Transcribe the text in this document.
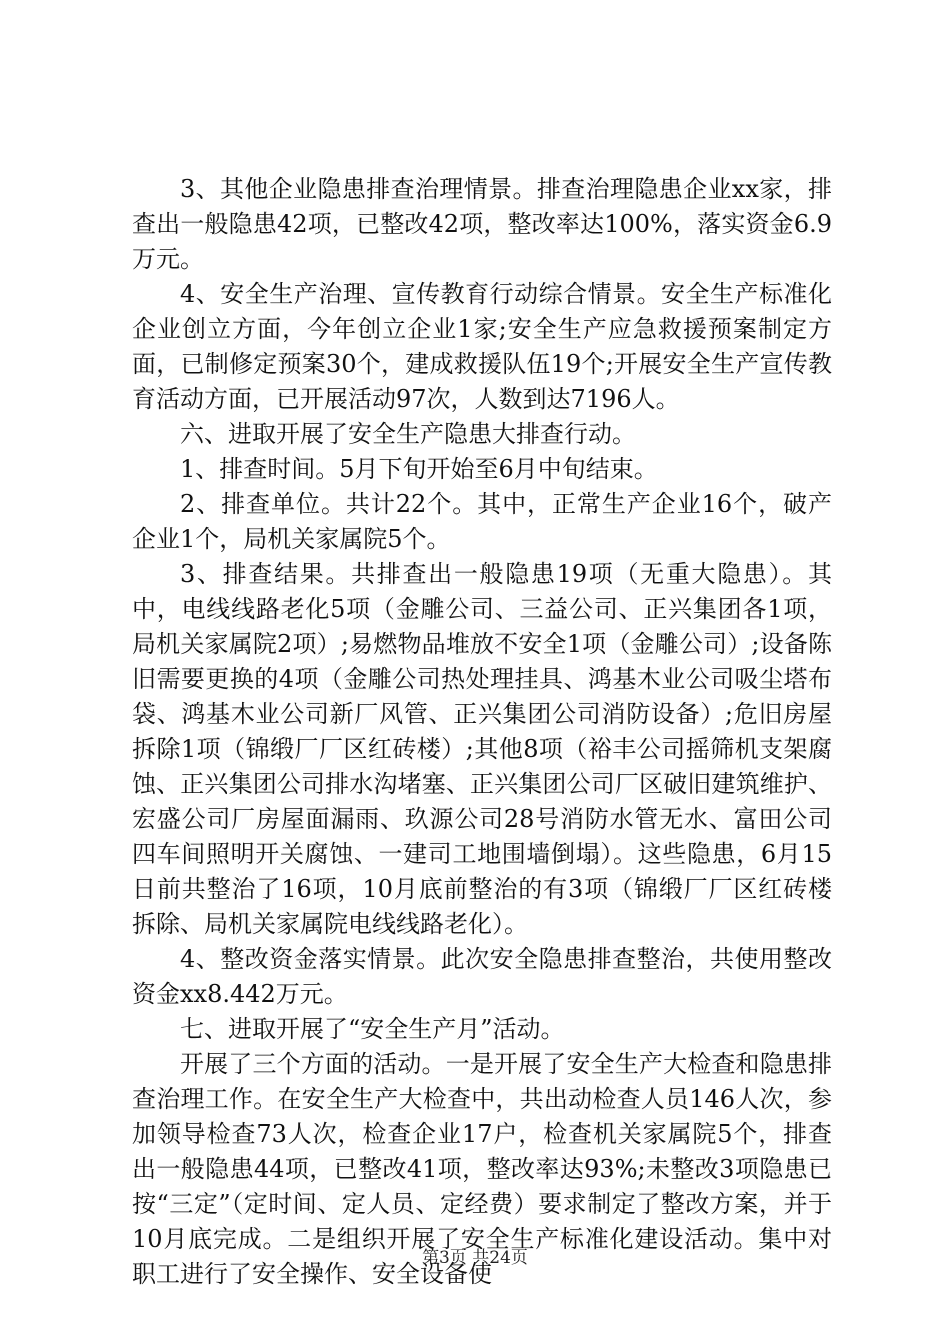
3、其他企业隐患排查治理情景。排查治理隐患企业xx家，排查出一般隐患42项，已整改42项，整改率达100%，落实资金6.9万元。

4、安全生产治理、宣传教育行动综合情景。安全生产标准化企业创立方面，今年创立企业1家;安全生产应急救援预案制定方面，已制修定预案30个，建成救援队伍19个;开展安全生产宣传教育活动方面，已开展活动97次，人数到达7196人。

六、进取开展了安全生产隐患大排查行动。

1、排查时间。5月下旬开始至6月中旬结束。

2、排查单位。共计22个。其中，正常生产企业16个，破产企业1个，局机关家属院5个。

3、排查结果。共排查出一般隐患19项（无重大隐患）。其中，电线线路老化5项（金雕公司、三益公司、正兴集团各1项，局机关家属院2项）;易燃物品堆放不安全1项（金雕公司）;设备陈旧需要更换的4项（金雕公司热处理挂具、鸿基木业公司吸尘塔布袋、鸿基木业公司新厂风管、正兴集团公司消防设备）;危旧房屋拆除1项（锦缎厂厂区红砖楼）;其他8项（裕丰公司摇筛机支架腐蚀、正兴集团公司排水沟堵塞、正兴集团公司厂区破旧建筑维护、宏盛公司厂房屋面漏雨、玖源公司28号消防水管无水、富田公司四车间照明开关腐蚀、一建司工地围墙倒塌）。这些隐患，6月15日前共整治了16项，10月底前整治的有3项（锦缎厂厂区红砖楼拆除、局机关家属院电线线路老化）。

4、整改资金落实情景。此次安全隐患排查整治，共使用整改资金xx8.442万元。

七、进取开展了“安全生产月”活动。

开展了三个方面的活动。一是开展了安全生产大检查和隐患排查治理工作。在安全生产大检查中，共出动检查人员146人次，参加领导检查73人次，检查企业17户，检查机关家属院5个，排查出一般隐患44项，已整改41项，整改率达93%;未整改3项隐患已按“三定”（定时间、定人员、定经费）要求制定了整改方案，并于10月底完成。二是组织开展了安全生产标准化建设活动。集中对职工进行了安全操作、安全设备使

第3页 共24页
